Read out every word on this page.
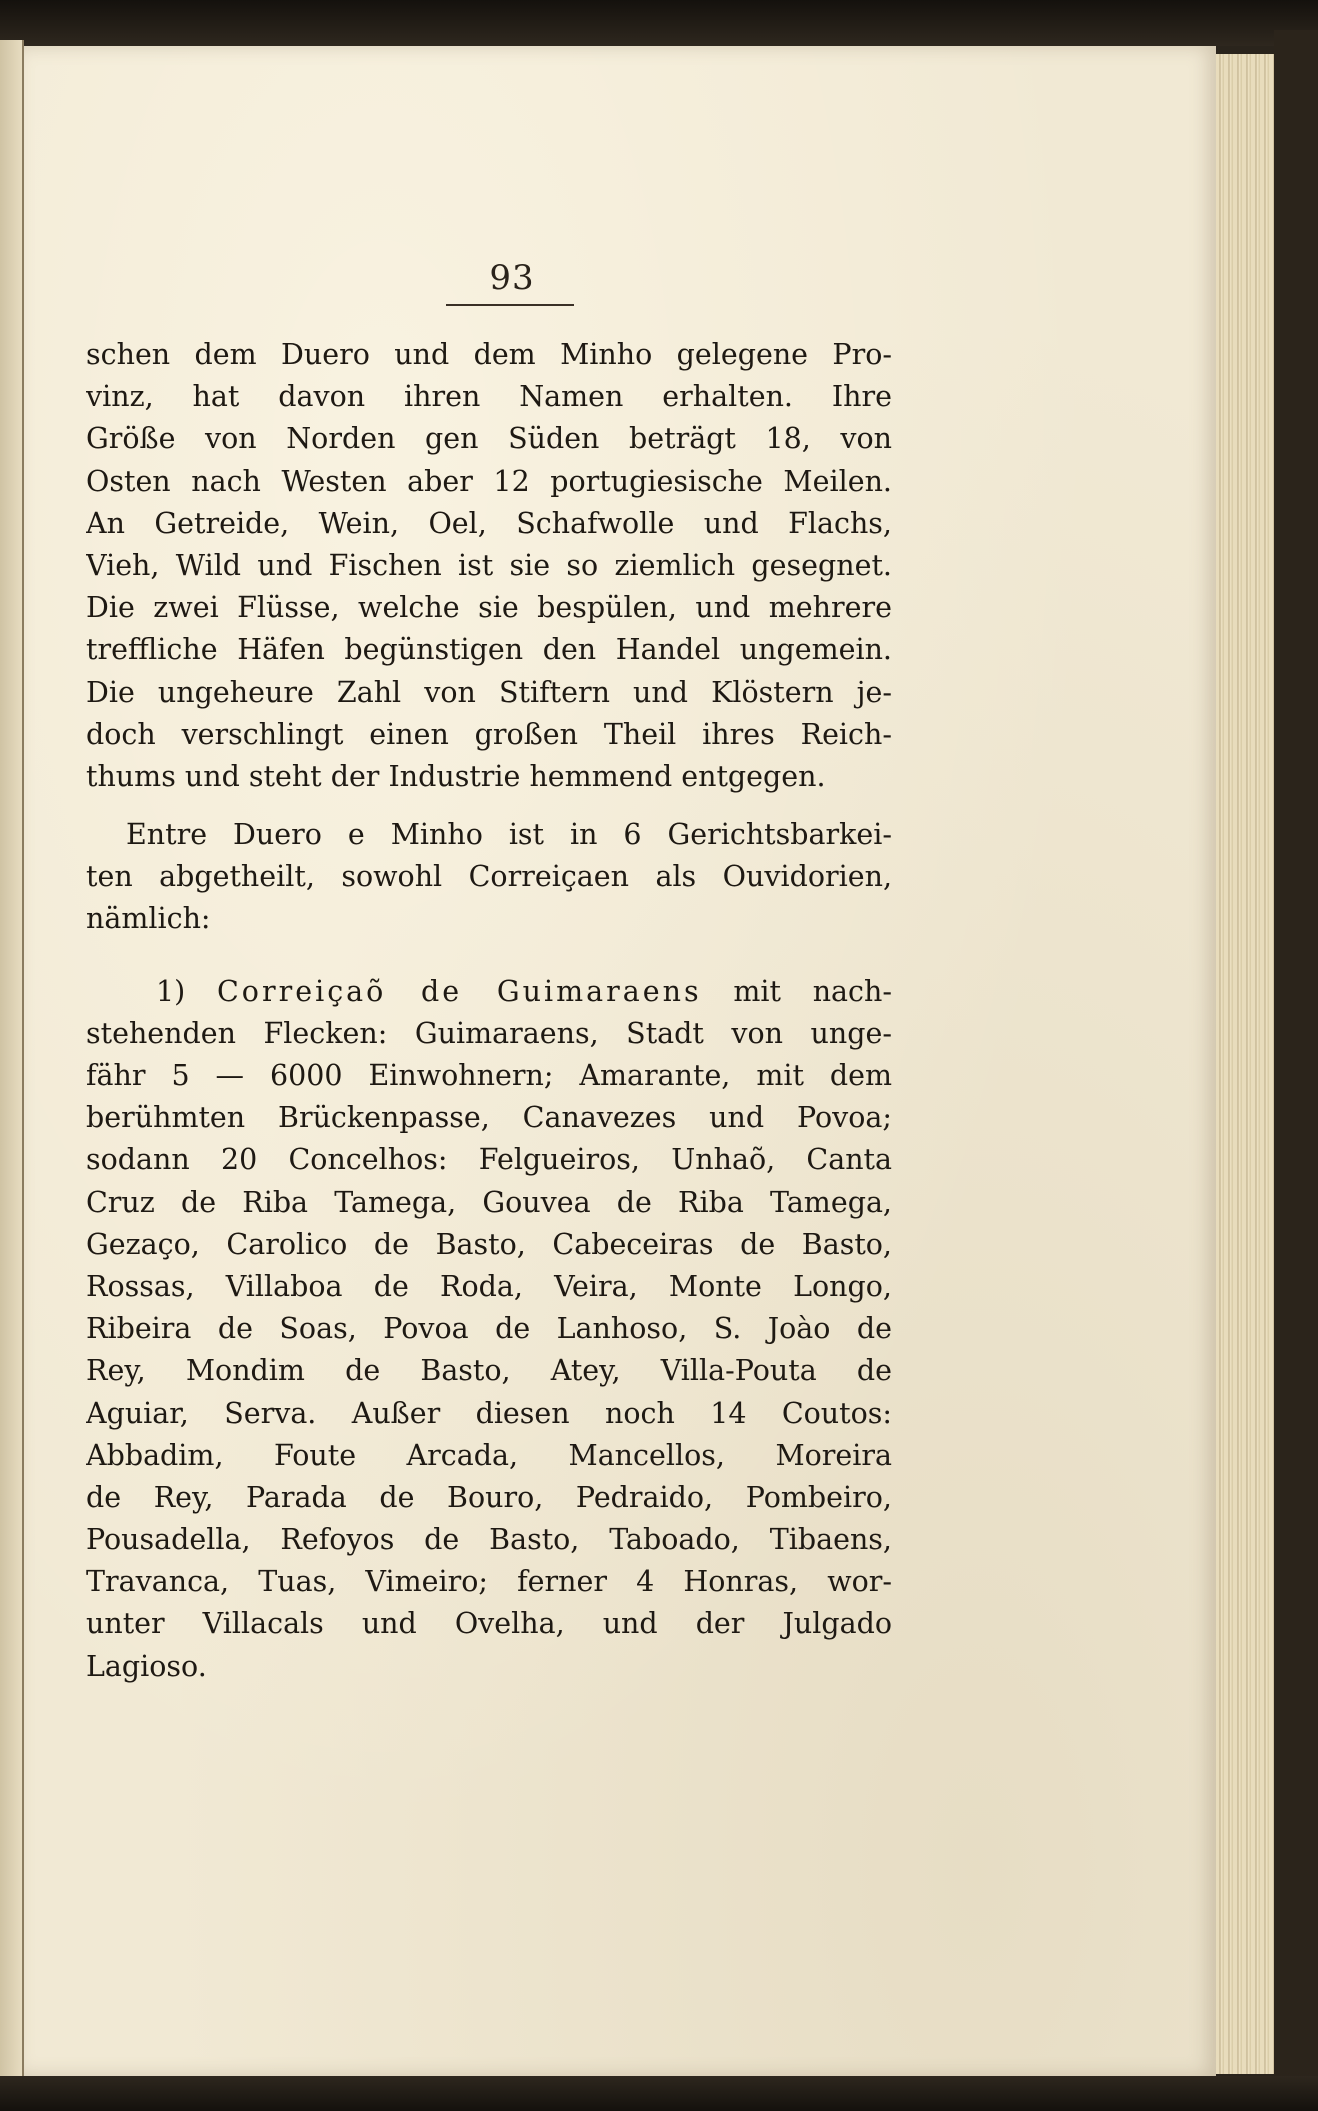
93
schen dem Duero und dem Minho gelegene Pro-
vinz, hat davon ihren Namen erhalten. Ihre
Größe von Norden gen Süden beträgt 18, von
Osten nach Westen aber 12 portugiesische Meilen.
An Getreide, Wein, Oel, Schafwolle und Flachs,
Vieh, Wild und Fischen ist sie so ziemlich gesegnet.
Die zwei Flüsse, welche sie bespülen, und mehrere
treffliche Häfen begünstigen den Handel ungemein.
Die ungeheure Zahl von Stiftern und Klöstern je-
doch verschlingt einen großen Theil ihres Reich-
thums und steht der Industrie hemmend entgegen.
Entre Duero e Minho ist in 6 Gerichtsbarkei-
ten abgetheilt, sowohl Correiçaen als Ouvidorien,
nämlich:
1) Correiçaõ de Guimaraens mit nach-
stehenden Flecken: Guimaraens, Stadt von unge-
fähr 5 — 6000 Einwohnern; Amarante, mit dem
berühmten Brückenpasse, Canavezes und Povoa;
sodann 20 Concelhos: Felgueiros, Unhaõ, Canta
Cruz de Riba Tamega, Gouvea de Riba Tamega,
Gezaço, Carolico de Basto, Cabeceiras de Basto,
Rossas, Villaboa de Roda, Veira, Monte Longo,
Ribeira de Soas, Povoa de Lanhoso, S. Joào de
Rey, Mondim de Basto, Atey, Villa-Pouta de
Aguiar, Serva. Außer diesen noch 14 Coutos:
Abbadim, Foute Arcada, Mancellos, Moreira
de Rey, Parada de Bouro, Pedraido, Pombeiro,
Pousadella, Refoyos de Basto, Taboado, Tibaens,
Travanca, Tuas, Vimeiro; ferner 4 Honras, wor-
unter Villacals und Ovelha, und der Julgado
Lagioso.
